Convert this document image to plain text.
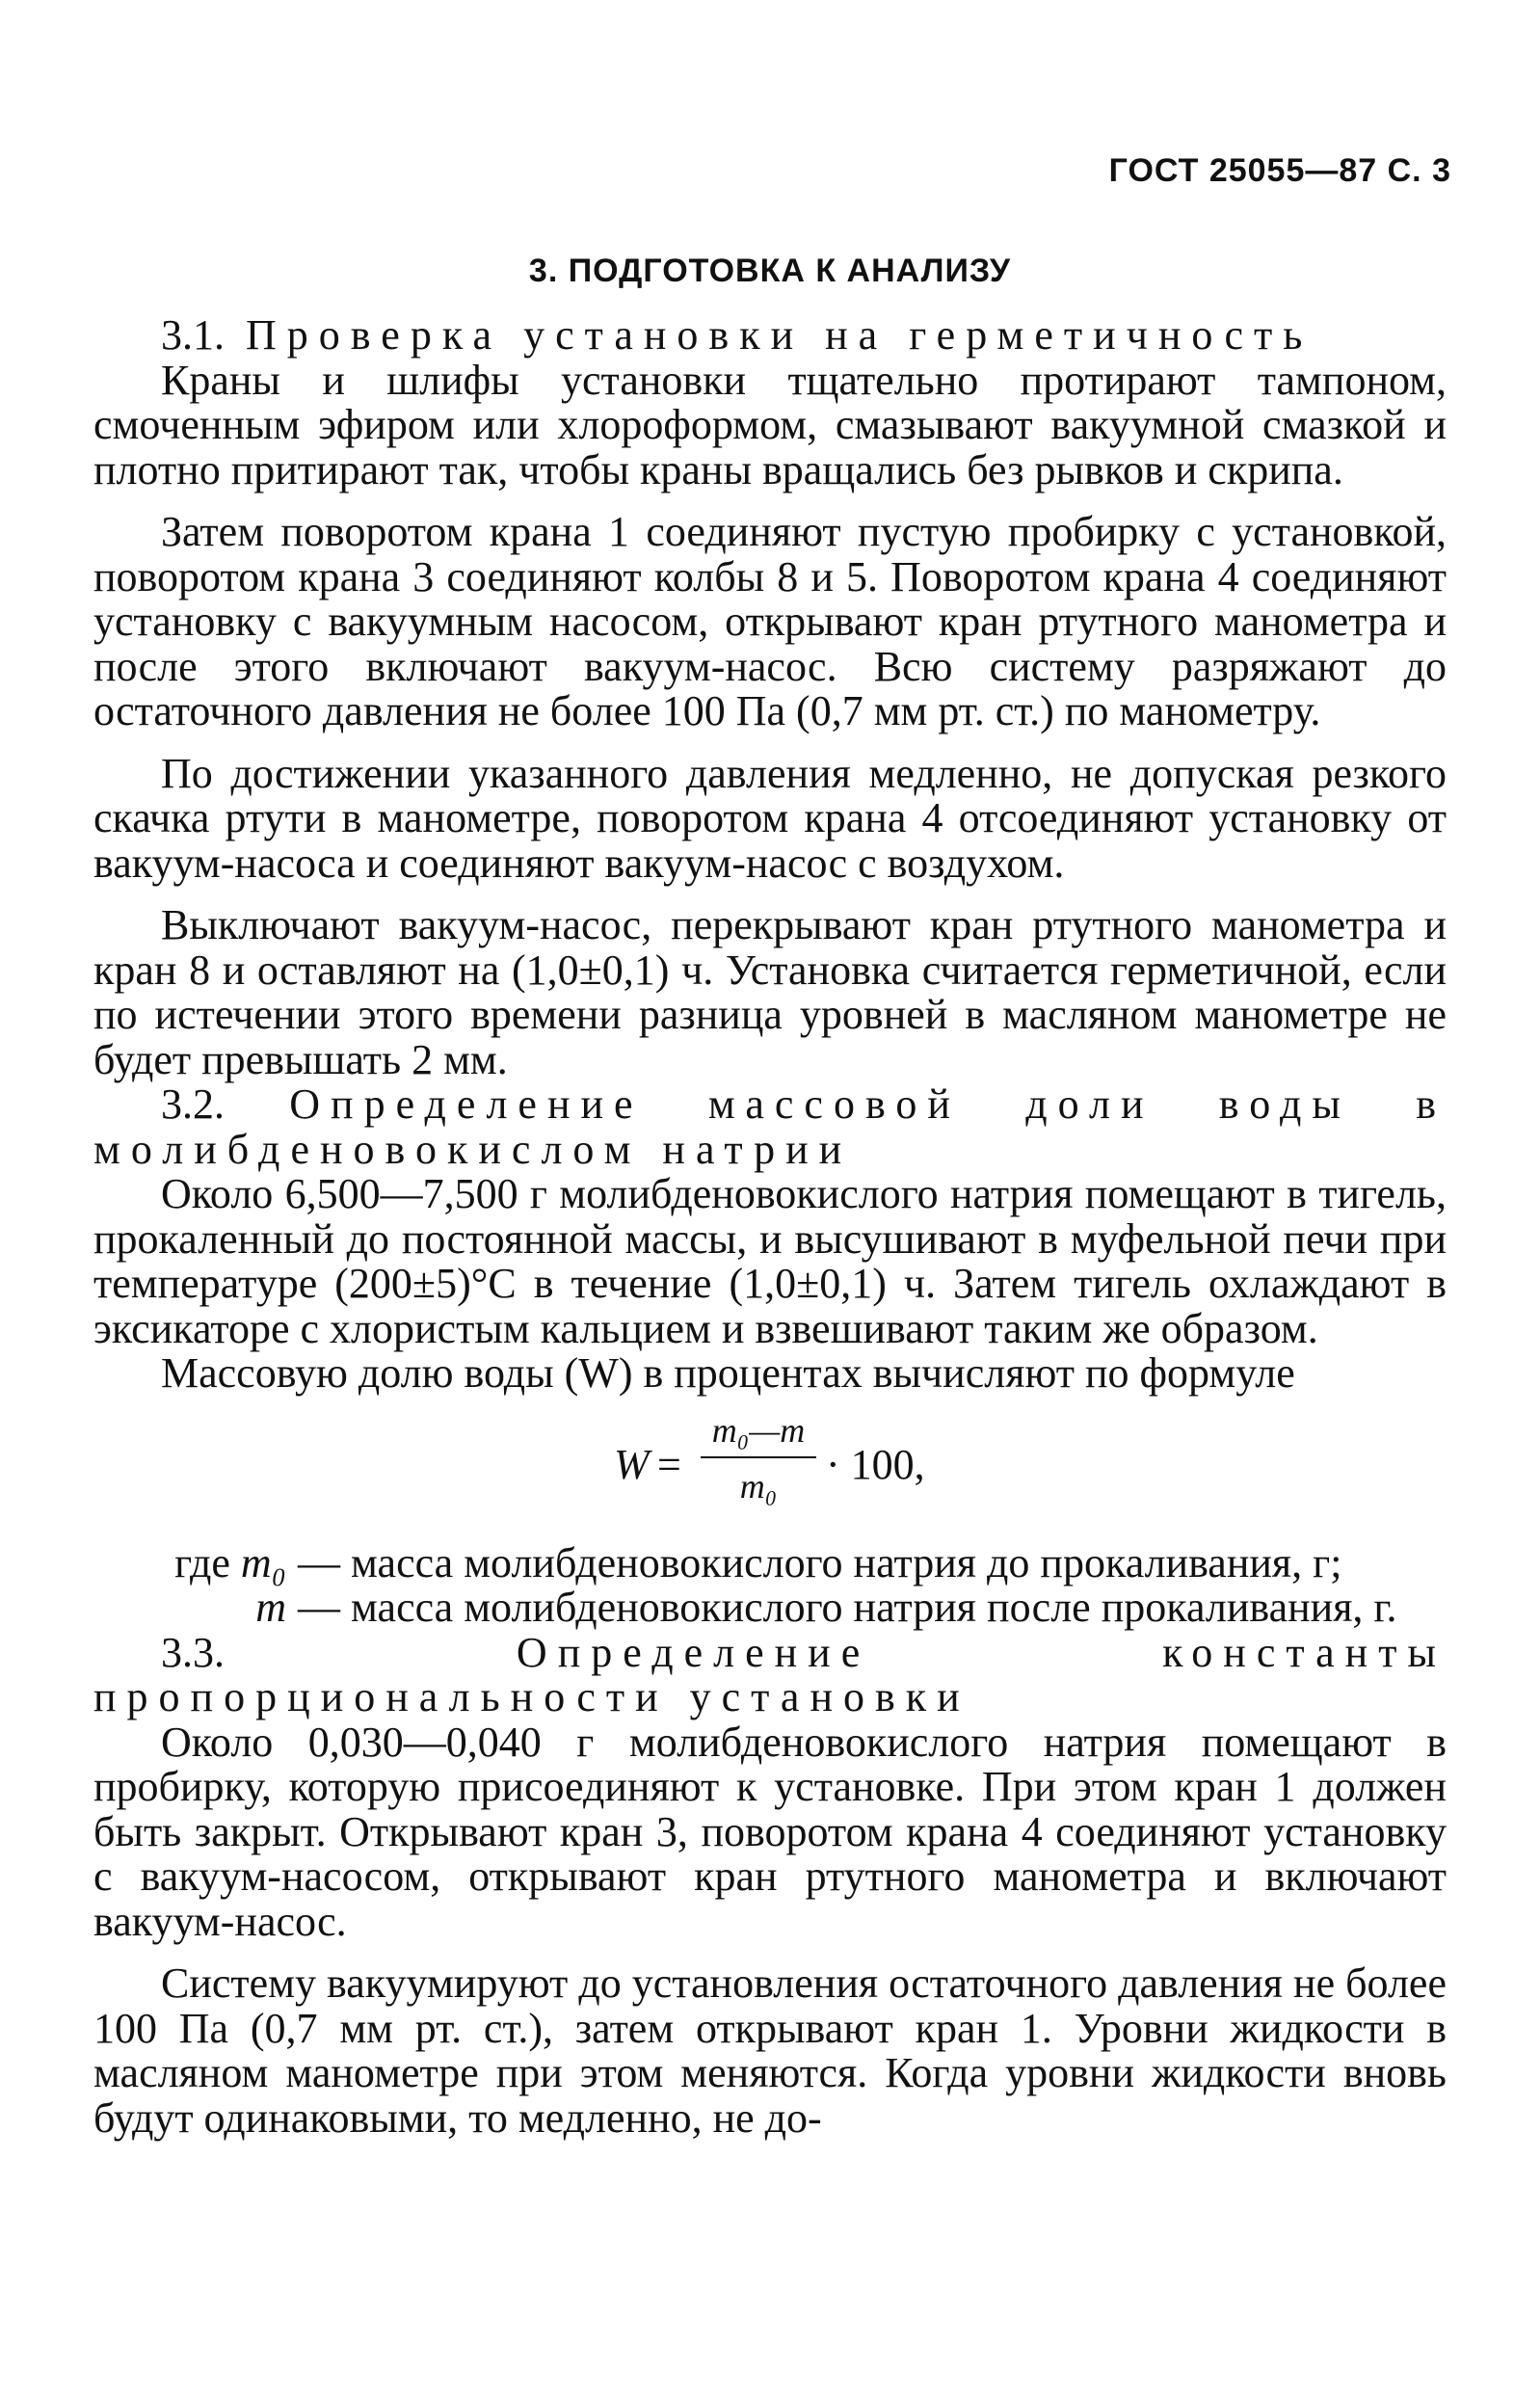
ГОСТ 25055—87 С. 3
3. ПОДГОТОВКА К АНАЛИЗУ

3.1. Проверка установки на герметичность

Краны и шлифы установки тщательно протирают тампоном, смоченным эфиром или хлороформом, смазывают вакуумной смазкой и плотно притирают так, чтобы краны вращались без рывков и скрипа.

Затем поворотом крана 1 соединяют пустую пробирку с установкой, поворотом крана 3 соединяют колбы 8 и 5. Поворотом крана 4 соединяют установку с вакуумным насосом, открывают кран ртутного манометра и после этого включают вакуум-насос. Всю систему разряжают до остаточного давления не более 100 Па (0,7 мм рт. ст.) по манометру.

По достижении указанного давления медленно, не допуская резкого скачка ртути в манометре, поворотом крана 4 отсоединяют установку от вакуум-насоса и соединяют вакуум-насос с воздухом.

Выключают вакуум-насос, перекрывают кран ртутного манометра и кран 8 и оставляют на (1,0±0,1) ч. Установка считается герметичной, если по истечении этого времени разница уровней в масляном манометре не будет превышать 2 мм.

3.2. Определение массовой доли воды в молибденовокислом натрии

Около 6,500—7,500 г молибденовокислого натрия помещают в тигель, прокаленный до постоянной массы, и высушивают в муфельной печи при температуре (200±5)°С в течение (1,0±0,1) ч. Затем тигель охлаждают в эксикаторе с хлористым кальцием и взвешивают таким же образом.

Массовую долю воды (W) в процентах вычисляют по формуле

$W = \frac{\text{m₀—m}}{\text{m₀}} \cdot 100$,
где m₀ — масса молибденовокислого натрия до прокаливания, г;
m — масса молибденовокислого натрия после прокаливания, г.

3.3.	Определение константы пропорциональности установки

Около 0,030—0,040 г молибденовокислого натрия помещают в пробирку, которую присоединяют к установке. При этом кран 1 должен быть закрыт. Открывают кран 3, поворотом крана 4 соединяют установку с вакуум-насосом, открывают кран ртутного манометра и включают вакуум-насос.

Систему вакуумируют до установления остаточного давления не более 100 Па (0,7 мм рт. ст.), затем открывают кран 1. Уровни жидкости в масляном манометре при этом меняются. Когда уровни жидкости вновь будут одинаковыми, то медленно, не до-
